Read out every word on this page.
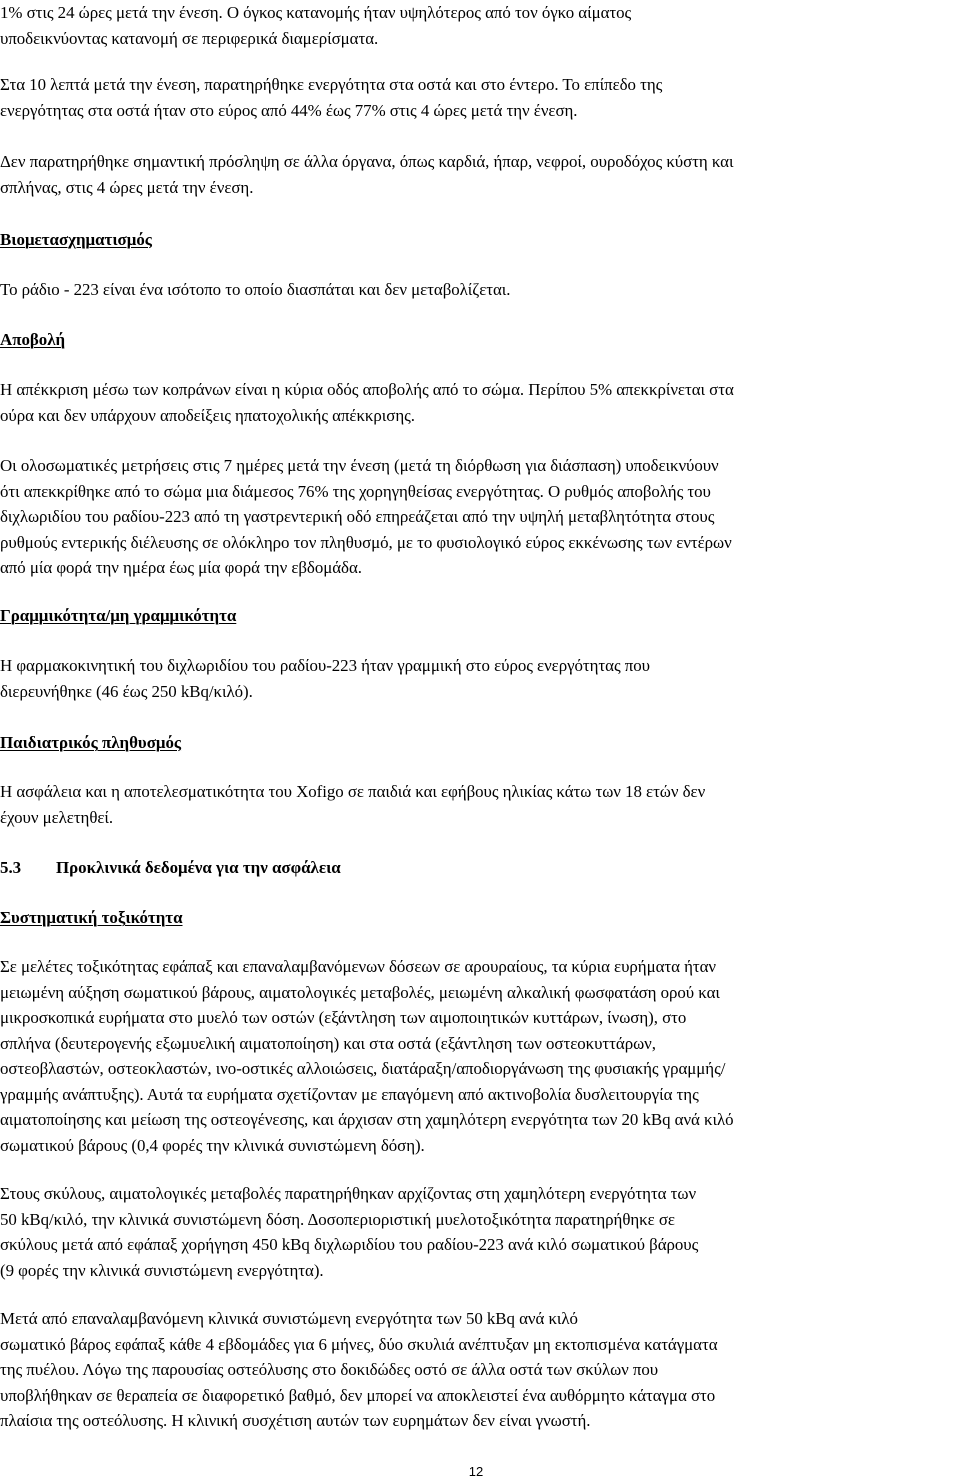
1% στις 24 ώρες μετά την ένεση. Ο όγκος κατανομής ήταν υψηλότερος από τον όγκο αίματος
υποδεικνύοντας κατανομή σε περιφερικά διαμερίσματα.

Στα 10 λεπτά μετά την ένεση, παρατηρήθηκε ενεργότητα στα οστά και στο έντερο. Το επίπεδο της
ενεργότητας στα οστά ήταν στο εύρος από 44% έως 77% στις 4 ώρες μετά την ένεση.

Δεν παρατηρήθηκε σημαντική πρόσληψη σε άλλα όργανα, όπως καρδιά, ήπαρ, νεφροί, ουροδόχος κύστη και
σπλήνας, στις 4 ώρες μετά την ένεση.

Βιομετασχηματισμός

Το ράδιο - 223 είναι ένα ισότοπο το οποίο διασπάται και δεν μεταβολίζεται.

Αποβολή

Η απέκκριση μέσω των κοπράνων είναι η κύρια οδός αποβολής από το σώμα. Περίπου 5% απεκκρίνεται στα
ούρα και δεν υπάρχουν αποδείξεις ηπατοχολικής απέκκρισης.

Οι ολοσωματικές μετρήσεις στις 7 ημέρες μετά την ένεση (μετά τη διόρθωση για διάσπαση) υποδεικνύουν
ότι απεκκρίθηκε από το σώμα μια διάμεσος 76% της χορηγηθείσας ενεργότητας. Ο ρυθμός αποβολής του
διχλωριδίου του ραδίου-223 από τη γαστρεντερική οδό επηρεάζεται από την υψηλή μεταβλητότητα στους
ρυθμούς εντερικής διέλευσης σε ολόκληρο τον πληθυσμό, με το φυσιολογικό εύρος εκκένωσης των εντέρων
από μία φορά την ημέρα έως μία φορά την εβδομάδα.

Γραμμικότητα/μη γραμμικότητα

Η φαρμακοκινητική του διχλωριδίου του ραδίου-223 ήταν γραμμική στο εύρος ενεργότητας που
διερευνήθηκε (46 έως 250 kBq/κιλό).

Παιδιατρικός πληθυσμός

Η ασφάλεια και η αποτελεσματικότητα του Xofigo σε παιδιά και εφήβους ηλικίας κάτω των 18 ετών δεν
έχουν μελετηθεί.

5.3 Προκλινικά δεδομένα για την ασφάλεια
Συστηματική τοξικότητα

Σε μελέτες τοξικότητας εφάπαξ και επαναλαμβανόμενων δόσεων σε αρουραίους, τα κύρια ευρήματα ήταν
μειωμένη αύξηση σωματικού βάρους, αιματολογικές μεταβολές, μειωμένη αλκαλική φωσφατάση ορού και
μικροσκοπικά ευρήματα στο μυελό των οστών (εξάντληση των αιμοποιητικών κυττάρων, ίνωση), στο
σπλήνα (δευτερογενής εξωμυελική αιματοποίηση) και στα οστά (εξάντληση των οστεοκυττάρων,
οστεοβλαστών, οστεοκλαστών, ινο-οστικές αλλοιώσεις, διατάραξη/αποδιοργάνωση της φυσιακής γραμμής/
γραμμής ανάπτυξης). Αυτά τα ευρήματα σχετίζονταν με επαγόμενη από ακτινοβολία δυσλειτουργία της
αιματοποίησης και μείωση της οστεογένεσης, και άρχισαν στη χαμηλότερη ενεργότητα των 20 kBq ανά κιλό
σωματικού βάρους (0,4 φορές την κλινικά συνιστώμενη δόση).

Στους σκύλους, αιματολογικές μεταβολές παρατηρήθηκαν αρχίζοντας στη χαμηλότερη ενεργότητα των
50 kBq/κιλό, την κλινικά συνιστώμενη δόση. Δοσοπεριοριστική μυελοτοξικότητα παρατηρήθηκε σε
σκύλους μετά από εφάπαξ χορήγηση 450 kBq διχλωριδίου του ραδίου-223 ανά κιλό σωματικού βάρους
(9 φορές την κλινικά συνιστώμενη ενεργότητα).

Μετά από επαναλαμβανόμενη κλινικά συνιστώμενη ενεργότητα των 50 kBq ανά κιλό
σωματικό βάρος εφάπαξ κάθε 4 εβδομάδες για 6 μήνες, δύο σκυλιά ανέπτυξαν μη εκτοπισμένα κατάγματα
της πυέλου. Λόγω της παρουσίας οστεόλυσης στο δοκιδώδες οστό σε άλλα οστά των σκύλων που
υποβλήθηκαν σε θεραπεία σε διαφορετικό βαθμό, δεν μπορεί να αποκλειστεί ένα αυθόρμητο κάταγμα στο
πλαίσια της οστεόλυσης. Η κλινική συσχέτιση αυτών των ευρημάτων δεν είναι γνωστή.

12
